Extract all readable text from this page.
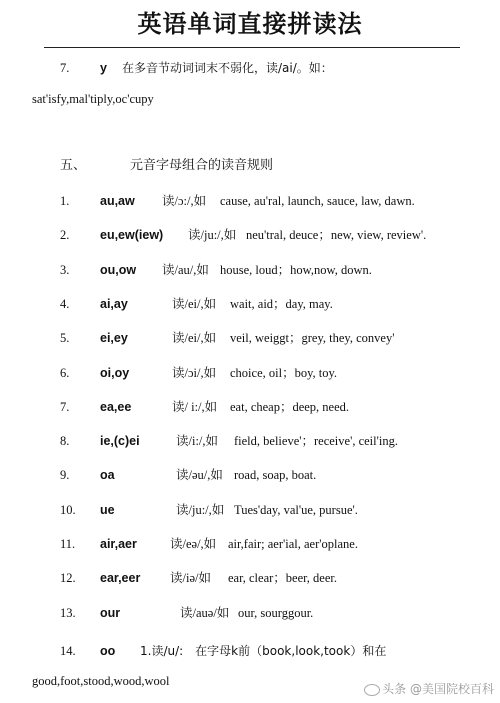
英语单词直接拼读法
7. y 在多音节动词词末不弱化，读/ai/。如：
sat'isfy,mal'tiply,oc'cupy
五、	元音字母组合的读音规则
1. au,aw 读/ɔ:/,如 cause, au'ral, launch, sauce, law, dawn.
2. eu,ew(iew) 读/ju:/,如 neu'tral, deuce；new, view, review'.
3. ou,ow 读/au/,如 house, loud；how,now, down.
4. ai,ay	读/ei/,如 wait, aid；day, may.
5. ei,ey	读/ei/,如 veil, weiggt；grey, they, convey'
6. oi,oy	读/ɔi/,如 choice, oil；boy, toy.
7. ea,ee	读/ i:/,如 eat, cheap；deep, need.
8. ie,(c)ei	读/i:/,如 field, believe'；receive', ceil'ing.
9. oa	读/əu/,如 road, soap, boat.
10. ue	读/ju:/,如 Tues'day, val'ue, pursue'.
11. air,aer	读/eə/,如 air,fair; aer'ial, aer'oplane.
12. ear,eer 读/iə/如 ear, clear；beer, deer.
13. our	读/auə/如 our, sourggour.
14. oo 1.读/u/:　在字母k前（book,look,took）和在
good,foot,stood,wood,wool
头条 @美国院校百科
